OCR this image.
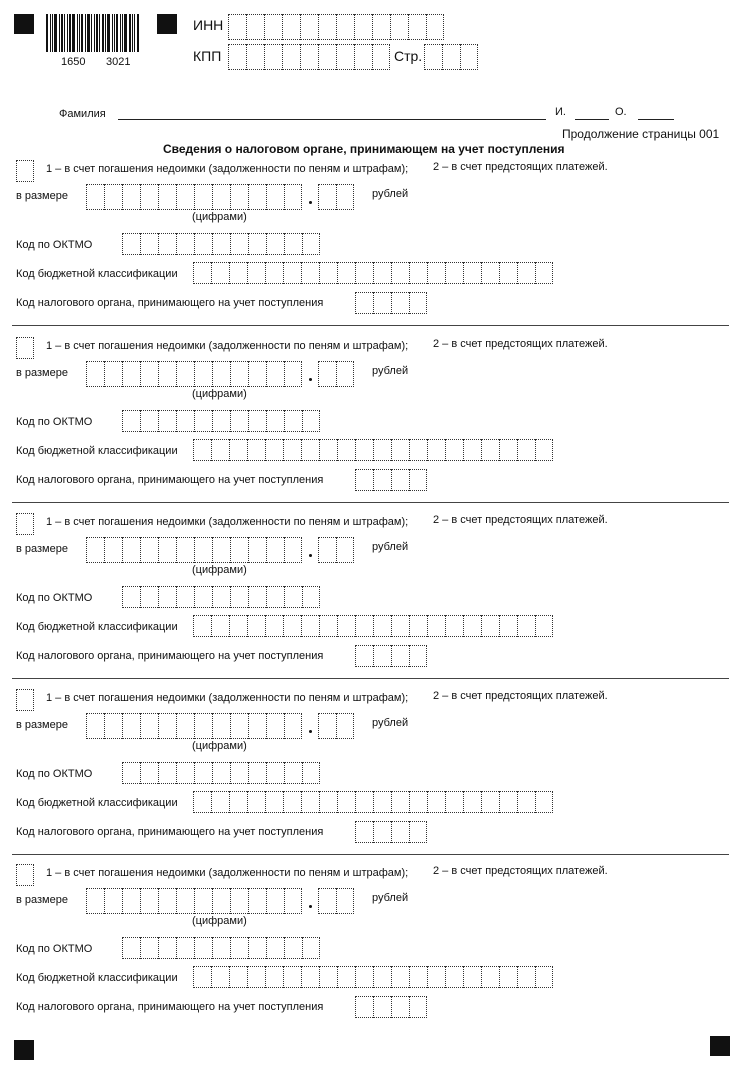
1650 3021
ИНН
КПП	Стр.
Фамилия	И.	О.
Продолжение страницы 001
Сведения о налоговом органе, принимающем на учет поступления
1 – в счет погашения недоимки (задолженности по пеням и штрафам); 2 – в счет предстоящих платежей.
в размере	рублей
(цифрами)
Код по ОКТМО
Код бюджетной классификации
Код налогового органа, принимающего на учет поступления
1 – в счет погашения недоимки (задолженности по пеням и штрафам); 2 – в счет предстоящих платежей.
в размере	рублей
(цифрами)
Код по ОКТМО
Код бюджетной классификации
Код налогового органа, принимающего на учет поступления
1 – в счет погашения недоимки (задолженности по пеням и штрафам); 2 – в счет предстоящих платежей.
в размере	рублей
(цифрами)
Код по ОКТМО
Код бюджетной классификации
Код налогового органа, принимающего на учет поступления
1 – в счет погашения недоимки (задолженности по пеням и штрафам); 2 – в счет предстоящих платежей.
в размере	рублей
(цифрами)
Код по ОКТМО
Код бюджетной классификации
Код налогового органа, принимающего на учет поступления
1 – в счет погашения недоимки (задолженности по пеням и штрафам); 2 – в счет предстоящих платежей.
в размере	рублей
(цифрами)
Код по ОКТМО
Код бюджетной классификации
Код налогового органа, принимающего на учет поступления
